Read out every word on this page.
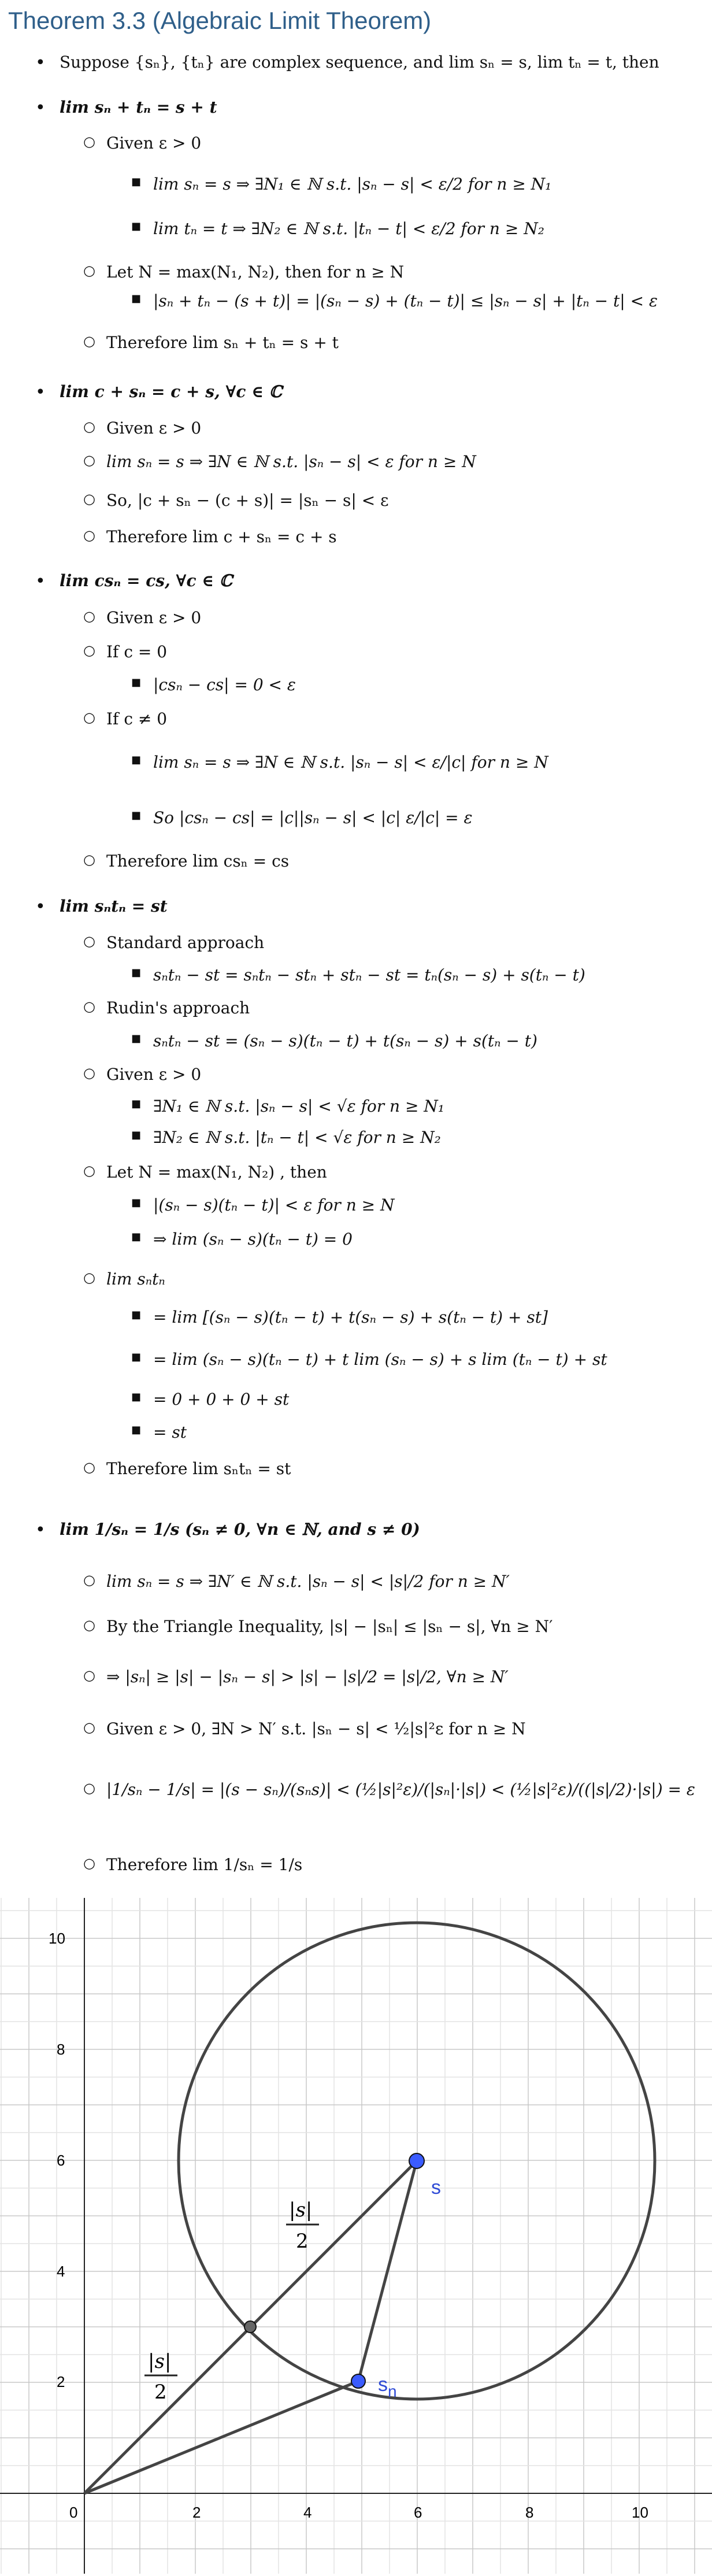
Theorem 3.3 (Algebraic Limit Theorem)
• Suppose {sₙ}, {tₙ} are complex sequence, and lim sₙ = s, lim tₙ = t, then
• lim sₙ + tₙ = s + t
○ Given ε > 0
■ lim sₙ = s ⇒ ∃N₁ ∈ ℕ s.t. |sₙ − s| < ε/2 for n ≥ N₁
■ lim tₙ = t ⇒ ∃N₂ ∈ ℕ s.t. |tₙ − t| < ε/2 for n ≥ N₂
○ Let N = max(N₁, N₂), then for n ≥ N
■ |sₙ + tₙ − (s + t)| = |(sₙ − s) + (tₙ − t)| ≤ |sₙ − s| + |tₙ − t| < ε
○ Therefore lim sₙ + tₙ = s + t
• lim c + sₙ = c + s, ∀c ∈ ℂ
○ Given ε > 0
○ lim sₙ = s ⇒ ∃N ∈ ℕ s.t. |sₙ − s| < ε for n ≥ N
○ So, |c + sₙ − (c + s)| = |sₙ − s| < ε
○ Therefore lim c + sₙ = c + s
• lim csₙ = cs, ∀c ∈ ℂ
○ Given ε > 0
○ If c = 0
■ |csₙ − cs| = 0 < ε
○ If c ≠ 0
■ lim sₙ = s ⇒ ∃N ∈ ℕ s.t. |sₙ − s| < ε/|c| for n ≥ N
■ So |csₙ − cs| = |c||sₙ − s| < |c| ε/|c| = ε
○ Therefore lim csₙ = cs
• lim sₙtₙ = st
○ Standard approach
■ sₙtₙ − st = sₙtₙ − stₙ + stₙ − st = tₙ(sₙ − s) + s(tₙ − t)
○ Rudin's approach
■ sₙtₙ − st = (sₙ − s)(tₙ − t) + t(sₙ − s) + s(tₙ − t)
○ Given ε > 0
■ ∃N₁ ∈ ℕ s.t. |sₙ − s| < √ε for n ≥ N₁
■ ∃N₂ ∈ ℕ s.t. |tₙ − t| < √ε for n ≥ N₂
○ Let N = max(N₁, N₂) , then
■ |(sₙ − s)(tₙ − t)| < ε for n ≥ N
■ ⇒ lim (sₙ − s)(tₙ − t) = 0
○ lim sₙtₙ
■ = lim [(sₙ − s)(tₙ − t) + t(sₙ − s) + s(tₙ − t) + st]
■ = lim (sₙ − s)(tₙ − t) + t lim (sₙ − s) + s lim (tₙ − t) + st
■ = 0 + 0 + 0 + st
■ = st
○ Therefore lim sₙtₙ = st
• lim 1/sₙ = 1/s (sₙ ≠ 0, ∀n ∈ ℕ, and s ≠ 0)
○ lim sₙ = s ⇒ ∃N′ ∈ ℕ s.t. |sₙ − s| < |s|/2 for n ≥ N′
○ By the Triangle Inequality, |s| − |sₙ| ≤ |sₙ − s|, ∀n ≥ N′
○ ⇒ |sₙ| ≥ |s| − |sₙ − s| > |s| − |s|/2 = |s|/2, ∀n ≥ N′
○ Given ε > 0, ∃N > N′ s.t. |sₙ − s| < ½|s|²ε for n ≥ N
○ |1/sₙ − 1/s| = |(s − sₙ)/(sₙs)| < (½|s|²ε)/(|sₙ|·|s|) < (½|s|²ε)/((|s|/2)·|s|) = ε
○ Therefore lim 1/sₙ = 1/s
0	2	4	6	8	10
2
4
6
8
10
s
$s_n$
|s|
2
|s|
2
